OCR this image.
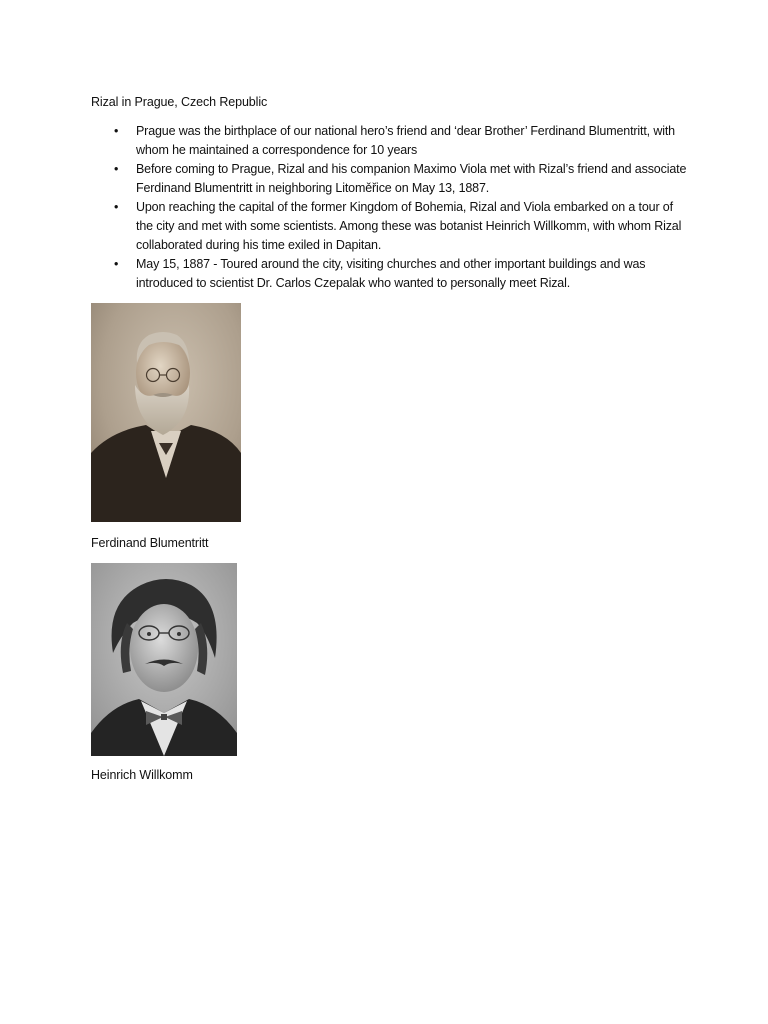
Rizal in Prague, Czech Republic
• Prague was the birthplace of our national hero’s friend and ‘dear Brother’ Ferdinand Blumentritt, with whom he maintained a correspondence for 10 years
• Before coming to Prague, Rizal and his companion Maximo Viola met with Rizal’s friend and associate Ferdinand Blumentritt in neighboring Litoměřice on May 13, 1887.
• Upon reaching the capital of the former Kingdom of Bohemia, Rizal and Viola embarked on a tour of the city and met with some scientists. Among these was botanist Heinrich Willkomm, with whom Rizal collaborated during his time exiled in Dapitan.
• May 15, 1887 - Toured around the city, visiting churches and other important buildings and was introduced to scientist Dr. Carlos Czepalak who wanted to personally meet Rizal.
Ferdinand Blumentritt
Heinrich Willkomm
